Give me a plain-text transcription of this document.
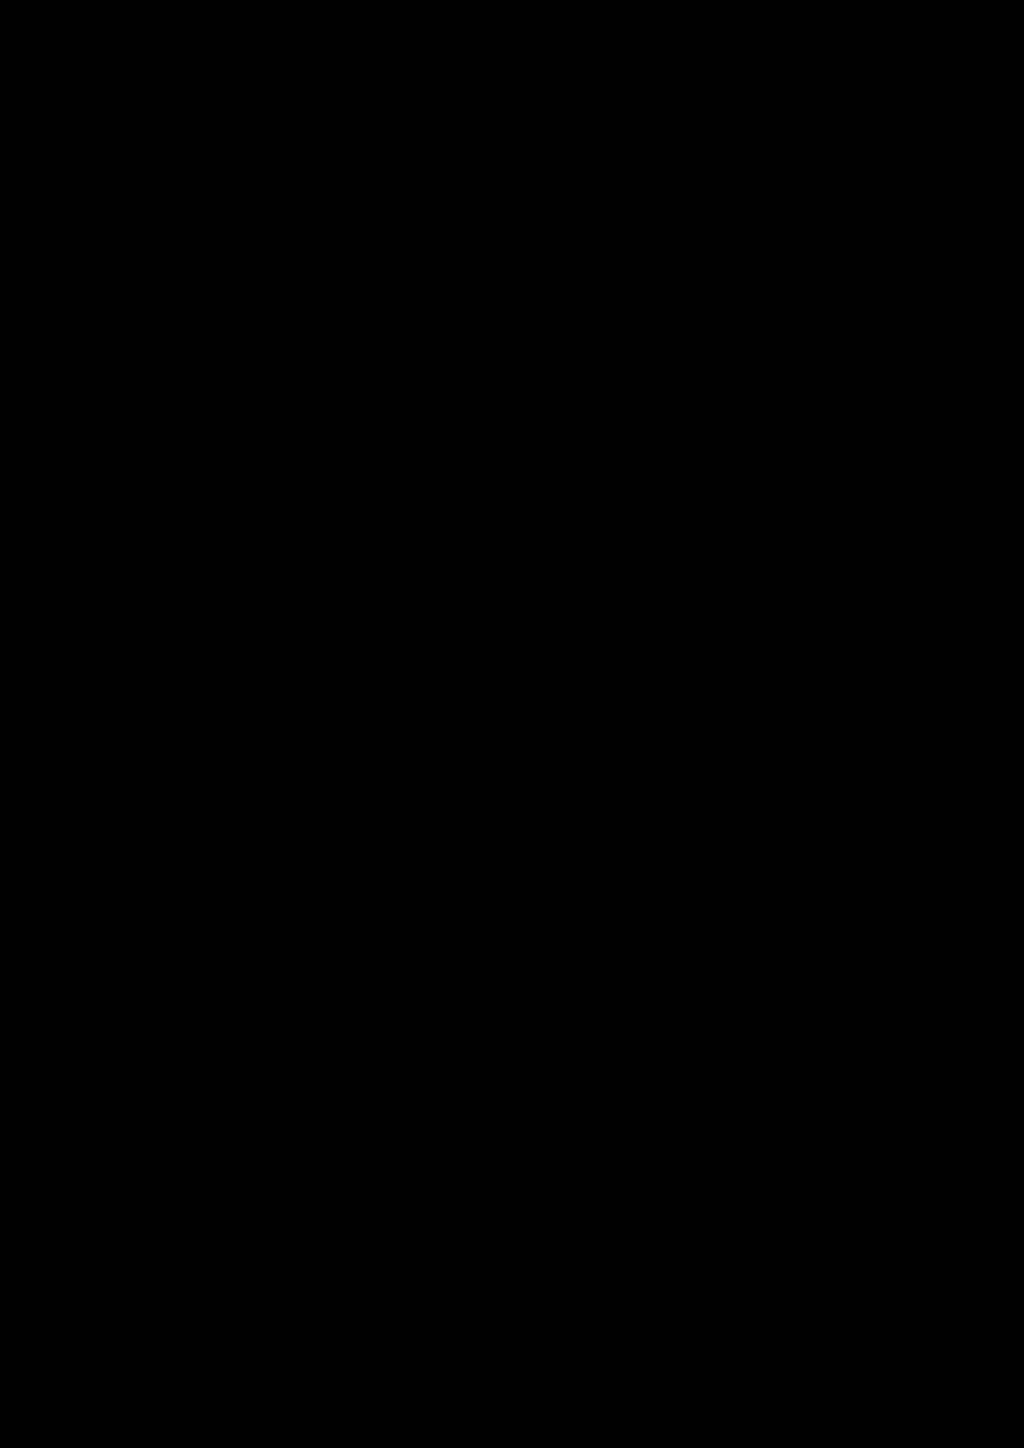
24024	ΕΦΗΜΕΡΙΔΑ ΤΗΣ ΚΥΒΕΡΝΗΣΕΩΣ Τεύχος Β’ 2373/12.07.2017

οποίος στον «Ιστορικό Ορθοφωτοχάρτη 1945 (1960)» είναι εννεαψήφιος και ονομάζεται «Κωδικός Ιστορικού Ορθοφωτοχάρτη 1945 (1960)», (ΚΑ_OLD) ενώ στον «Δασικό Χάρτη» είναι 10-ψήφιος και ονομάζεται «Δασικός Κωδικός Αριθμός», (ΔΚΑ).

δ) «Κωδικός Αριθμός Ιστορικού Ορθοφωτοχάρτη 1945 (1960)» (ΚΑ_OLD)

Ο «Κωδικός Αριθμός Ιστορικού Ορθοφωτοχάρτη 1945 ή 1960», (ΚΑ_OLD), είναι ένας εννεαψήφιος αριθμός που προσδιορίζει μοναδικά οποιοδήποτε πολύγωνο κάλυψης του «Ιστορικού Ορθοφωτοχάρτη 1945 (1960)» στον Ελληνικό χώρο και στον οποίο:

Τα δύο πρώτα ψηφία προσδιορίζουν τον Νομό στον οποίο βρίσκεται το πολύγωνο (βλ. Τεύχος «Κωδικοί Αριθμοί Νομών και ΟΤΑ της Χώρας», έκδοση ΟΚΧΕ 1997)
Τα τρία επόμενα ψηφία προσδιορίζουν τον Δήμο ή την Κοινότητα (βλ. Τεύχος «Κωδικοί Αριθμοί Νομών και ΟΤΑ της Χώρας», έκδοση ΟΚΧΕ 1997)
Τα τέσσερα τελευταία ψηφία αποτελούν τον αύξοντα αριθμό του πολυγώνου, εντός του ΟΤΑ.

ε)	«Δασικός Κωδικός Αριθμός» (ΔΚΑ)

Ο «Δασικός Κωδικός Αριθμός» (ΔΚΑ) είναι ένας δεκαψήφιος αριθμός που προσδιορίζει μοναδικά οποιοδήποτε πολύγωνο κάλυψης του «Δασικού Χάρτη» στον Ελληνικό χώρο και στον οποίο:

Τα δύο πρώτα ψηφία προσδιορίζουν τον Νομό στον οποίο βρίσκεται το πολύγωνο (βλ. Τεύχος «Κωδικοί Αριθμοί Νομών και ΟΤΑ της Χώρας», έκδοση ΟΚΧΕ 1997)
Τα τρία επόμενα ψηφία προσδιορίζουν τον Δήμο ή την Κοινότητα (βλ. Τεύχος «Κωδικοί Αριθμοί Νομών και ΟΤΑ της Χώρας», έκδοση ΟΚΧΕ 1997)
Τα πέντε τελευταία ψηφία αποτελούν τον αύξοντα αριθμό του πολυγώνου, εντός του ΟΤΑ.
